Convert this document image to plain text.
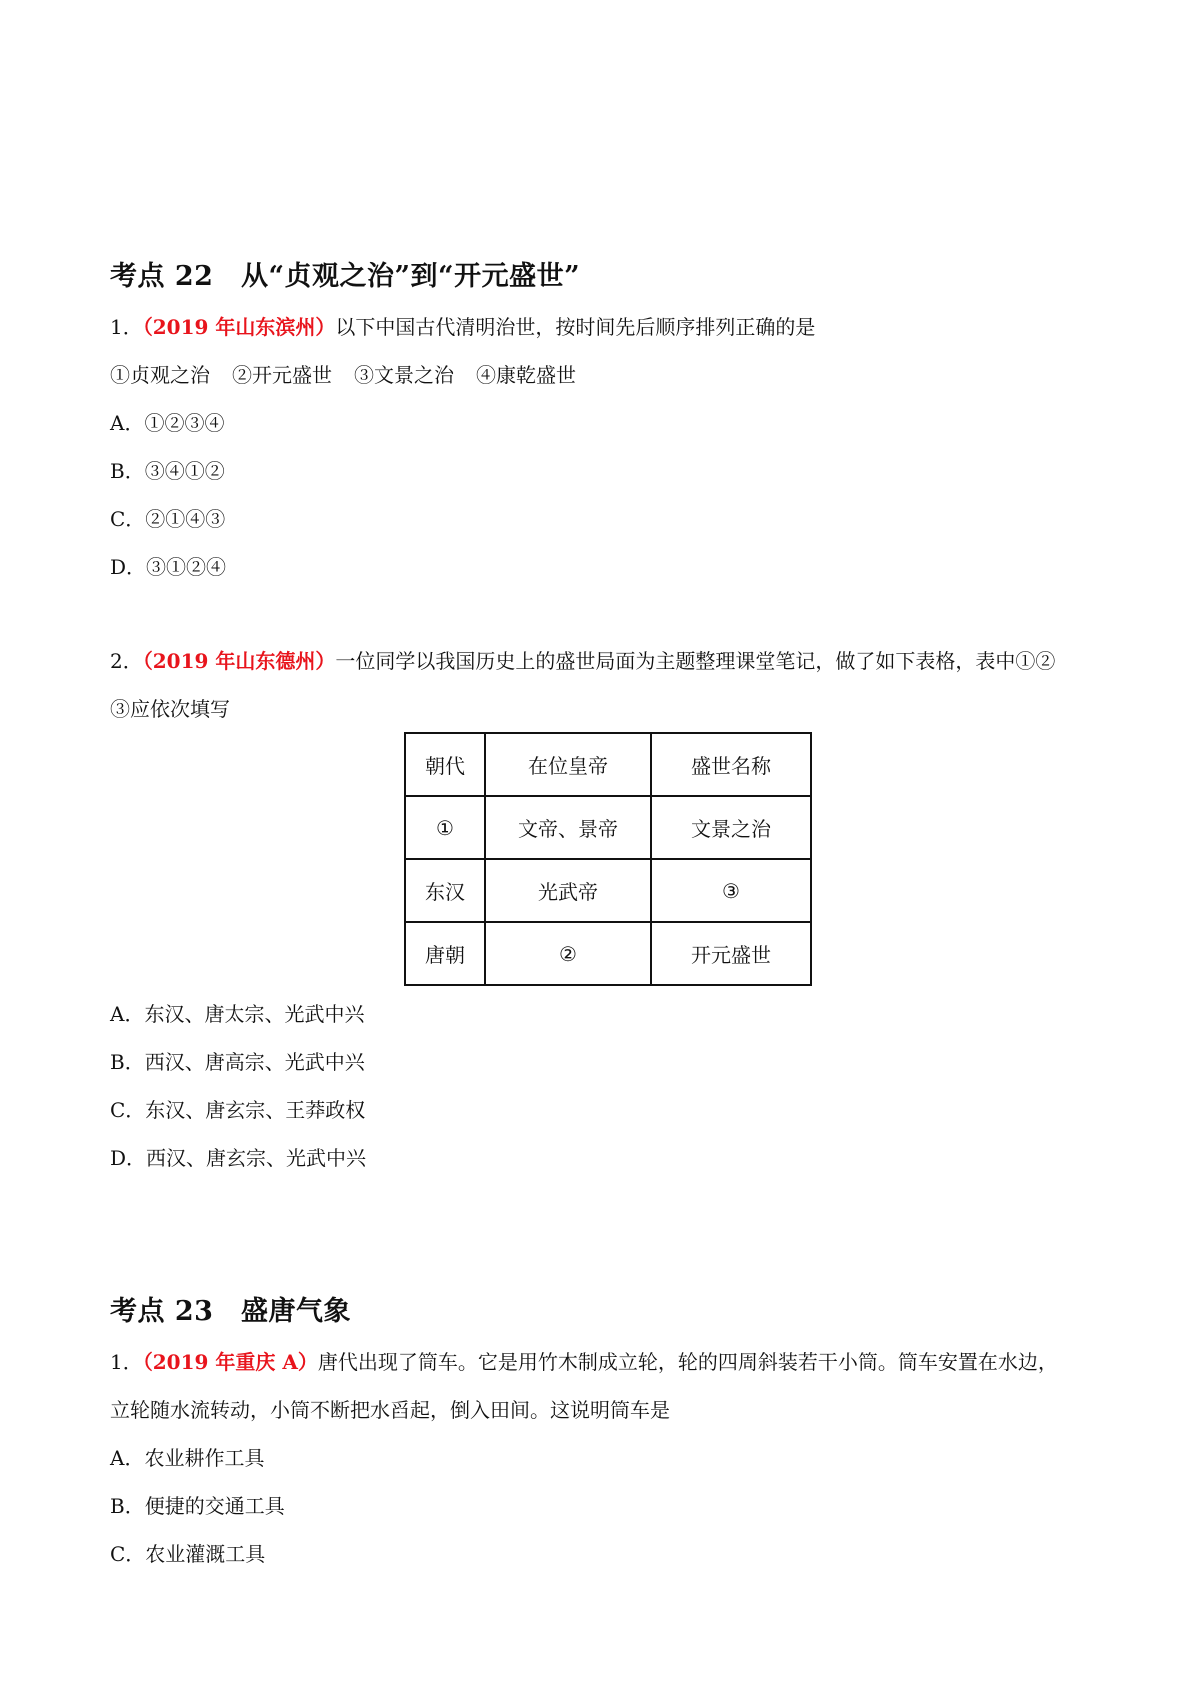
考点 22　从“贞观之治”到“开元盛世”
1．（2019 年山东滨州）以下中国古代清明治世，按时间先后顺序排列正确的是
①贞观之治 ②开元盛世 ③文景之治 ④康乾盛世
A．①②③④
B．③④①②
C．②①④③
D．③①②④
2．（2019 年山东德州）一位同学以我国历史上的盛世局面为主题整理课堂笔记，做了如下表格，表中①②
③应依次填写
朝代	在位皇帝	盛世名称
①	文帝、景帝	文景之治
东汉	光武帝	③
唐朝	②	开元盛世
A．东汉、唐太宗、光武中兴
B．西汉、唐高宗、光武中兴
C．东汉、唐玄宗、王莽政权
D．西汉、唐玄宗、光武中兴
考点 23　盛唐气象
1．（2019 年重庆 A）唐代出现了筒车。它是用竹木制成立轮，轮的四周斜装若干小筒。筒车安置在水边，
立轮随水流转动，小筒不断把水舀起，倒入田间。这说明筒车是
A．农业耕作工具
B．便捷的交通工具
C．农业灌溉工具
